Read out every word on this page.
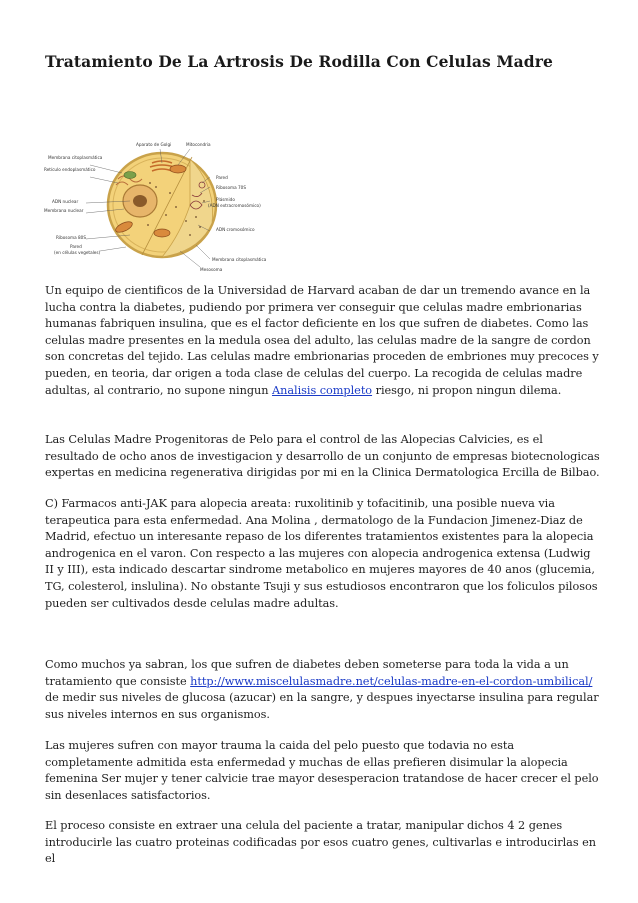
Tratamiento De La Artrosis De Rodilla Con Celulas Madre
Membrana citoplasmática
Retículo endoplasmático
ADN nuclear
Membrana nuclear
Ribosoma 80S
Pared
(en células vegetales)
Aparato de Golgi	Mitocondria
Pared
Ribosoma 70S
Plásmido
(ADN extracromosómico)
ADN cromosómico
Membrana citoplasmática
Mesosoma

Un equipo de cientificos de la Universidad de Harvard acaban de dar un tremendo avance en la lucha contra la diabetes, pudiendo por primera ver conseguir que celulas madre embrionarias humanas fabriquen insulina, que es el factor deficiente en los que sufren de diabetes. Como las celulas madre presentes en la medula osea del adulto, las celulas madre de la sangre de cordon son concretas del tejido. Las celulas madre embrionarias proceden de embriones muy precoces y pueden, en teoria, dar origen a toda clase de celulas del cuerpo. La recogida de celulas madre adultas, al contrario, no supone ningun Analisis completo riesgo, ni propon ningun dilema.

Las Celulas Madre Progenitoras de Pelo para el control de las Alopecias Calvicies, es el resultado de ocho anos de investigacion y desarrollo de un conjunto de empresas biotecnologicas expertas en medicina regenerativa dirigidas por mi en la Clinica Dermatologica Ercilla de Bilbao.

C) Farmacos anti-JAK para alopecia areata: ruxolitinib y tofacitinib, una posible nueva via terapeutica para esta enfermedad. Ana Molina , dermatologo de la Fundacion Jimenez-Diaz de Madrid, efectuo un interesante repaso de los diferentes tratamientos existentes para la alopecia androgenica en el varon. Con respecto a las mujeres con alopecia androgenica extensa (Ludwig II y III), esta indicado descartar sindrome metabolico en mujeres mayores de 40 anos (glucemia, TG, colesterol, inslulina). No obstante Tsuji y sus estudiosos encontraron que los foliculos pilosos pueden ser cultivados desde celulas madre adultas.

Como muchos ya sabran, los que sufren de diabetes deben someterse para toda la vida a un tratamiento que consiste http://www.miscelulasmadre.net/celulas-madre-en-el-cordon-umbilical/ de medir sus niveles de glucosa (azucar) en la sangre, y despues inyectarse insulina para regular sus niveles internos en sus organismos.

Las mujeres sufren con mayor trauma la caida del pelo puesto que todavia no esta completamente admitida esta enfermedad y muchas de ellas prefieren disimular la alopecia femenina Ser mujer y tener calvicie trae mayor desesperacion tratandose de hacer crecer el pelo sin desenlaces satisfactorios.

El proceso consiste en extraer una celula del paciente a tratar, manipular dichos 4 2 genes introducirle las cuatro proteinas codificadas por esos cuatro genes, cultivarlas e introducirlas en el
